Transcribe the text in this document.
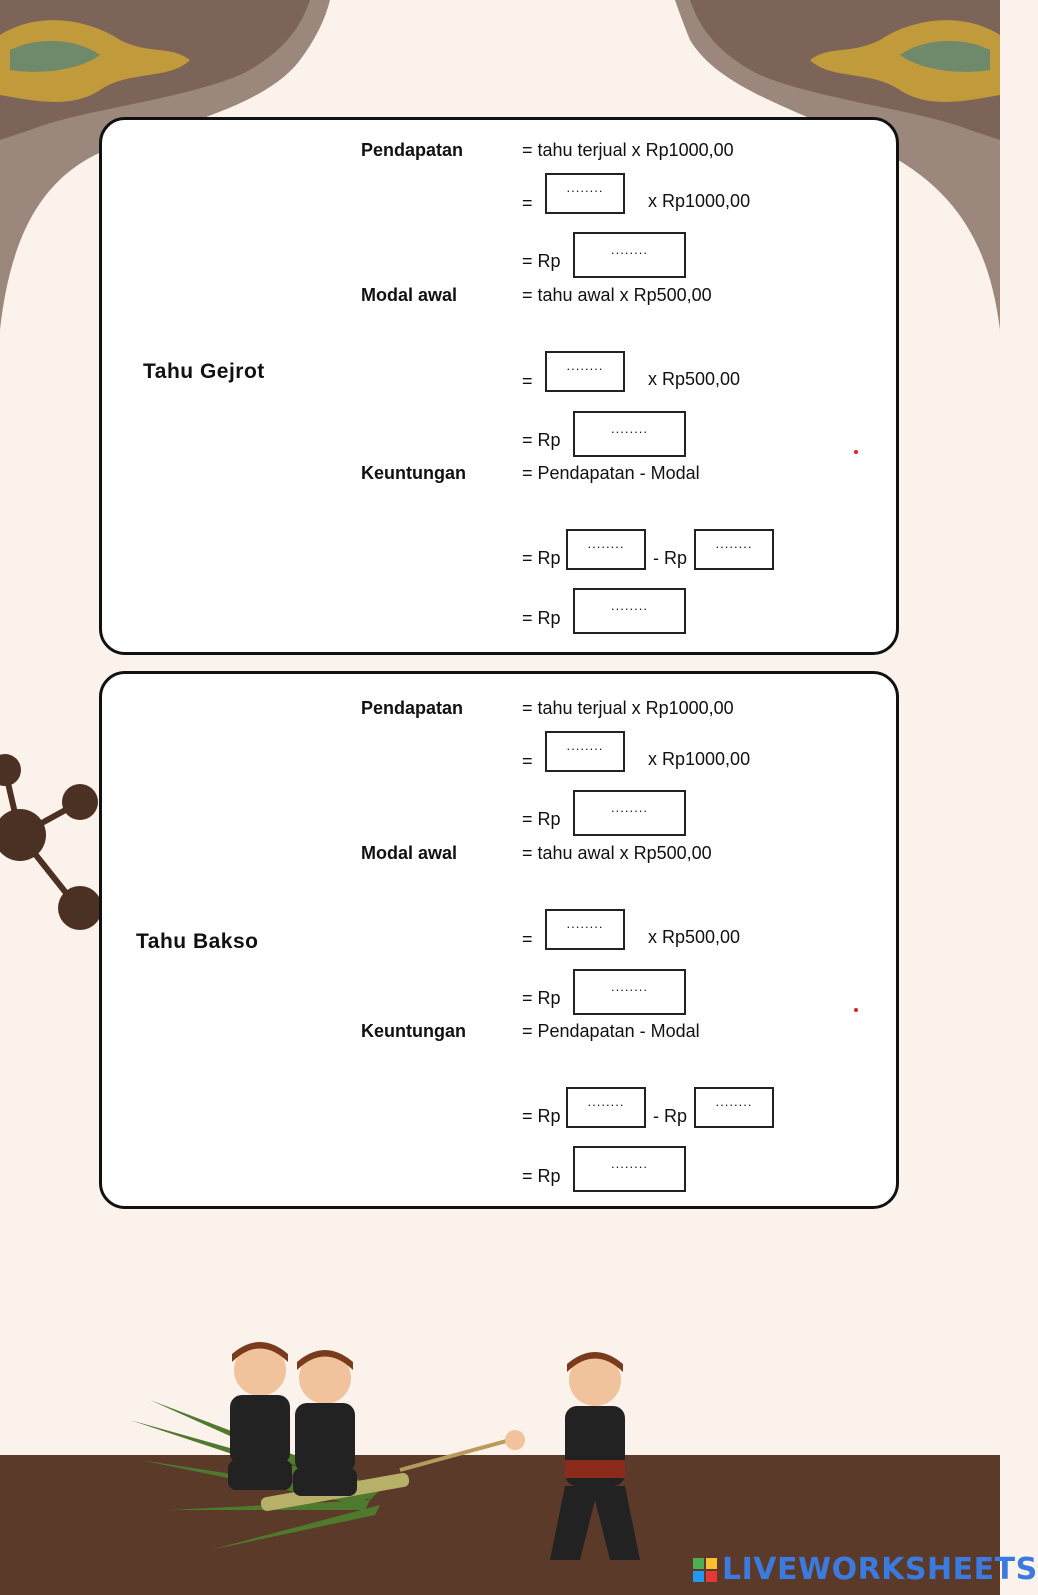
Tahu Gejrot
Pendapatan	= tahu terjual x Rp1000,00
=
........
x Rp1000,00
= Rp
........
Modal awal	= tahu awal x Rp500,00
=
........
x Rp500,00
= Rp
........
Keuntungan	= Pendapatan - Modal
= Rp
........
- Rp
........
= Rp
........
Tahu Bakso
Pendapatan	= tahu terjual x Rp1000,00
=
........
x Rp1000,00
= Rp
........
Modal awal	= tahu awal x Rp500,00
=
........
x Rp500,00
= Rp
........
Keuntungan	= Pendapatan - Modal
= Rp
........
- Rp
........
= Rp
........
LIVEWORKSHEETS
